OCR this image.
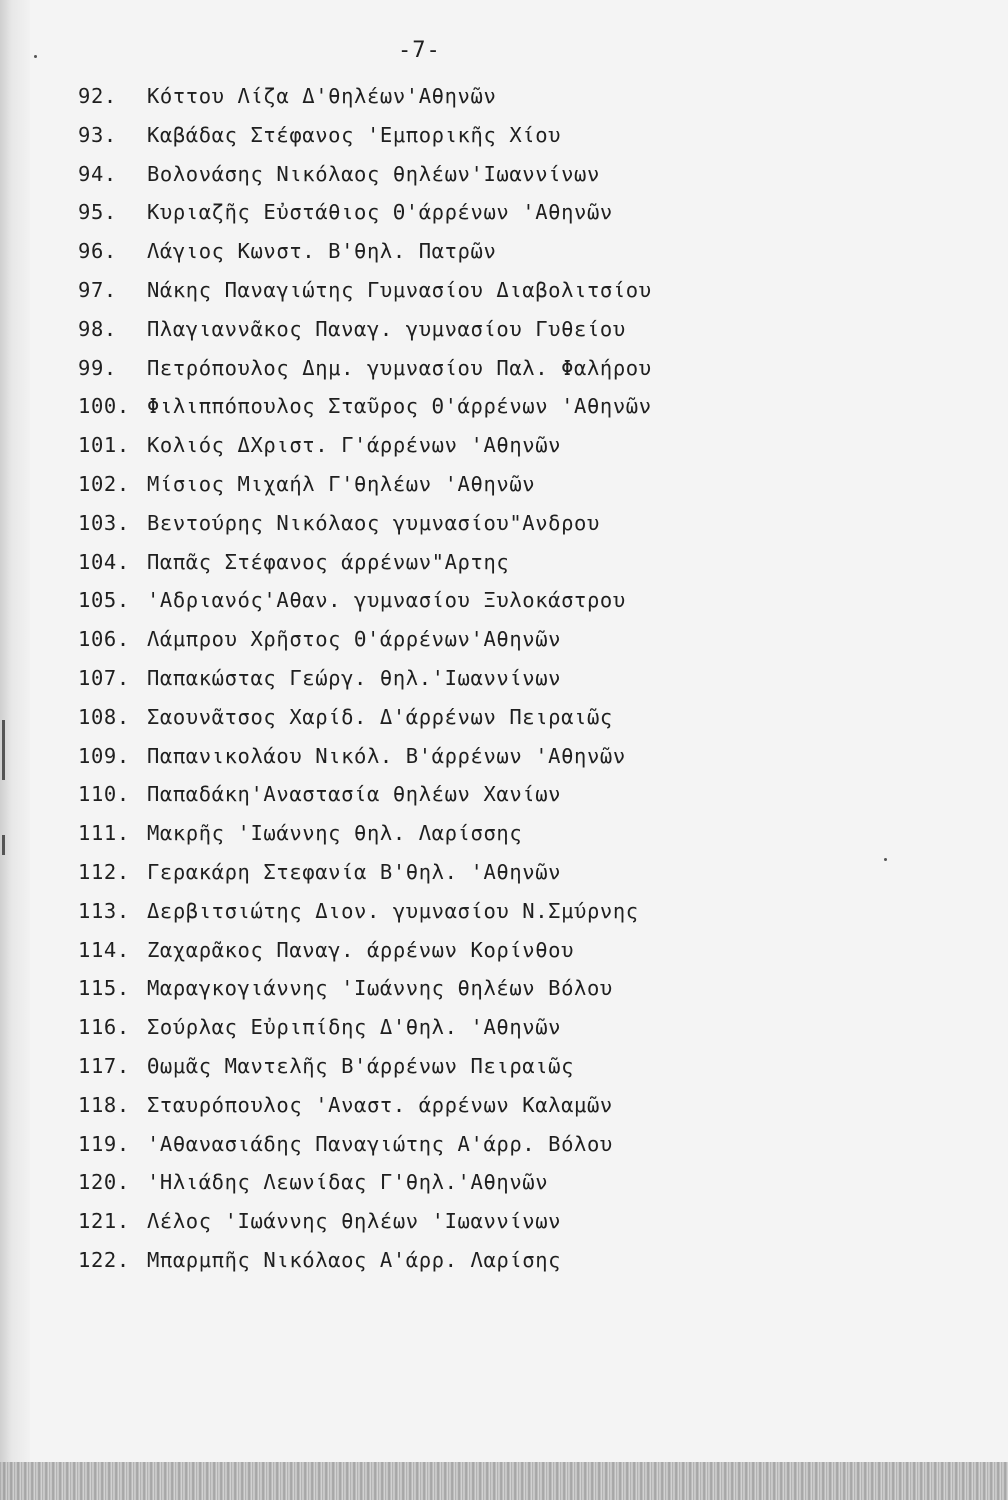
-7-
92. Κόττου Λίζα Δ'θηλέων'Αθηνῶν
93. Καβάδας Στέφανος 'Εμπορικῆς Χίου
94. Βολονάσης Νικόλαος θηλέων'Ιωαννίνων
95. Κυριαζῆς Εὐστάθιος Θ'άρρένων 'Αθηνῶν
96. Λάγιος Κωνστ. Β'θηλ. Πατρῶν
97. Νάκης Παναγιώτης Γυμνασίου Διαβολιτσίου
98. Πλαγιαννᾶκος Παναγ. γυμνασίου Γυθείου
99. Πετρόπουλος Δημ. γυμνασίου Παλ. Φαλήρου
100. Φιλιππόπουλος Σταῦρος Θ'άρρένων 'Αθηνῶν
101. Κολιός ΔΧριστ. Γ'άρρένων 'Αθηνῶν
102. Μίσιος Μιχαήλ Γ'θηλέων 'Αθηνῶν
103. Βεντούρης Νικόλαος γυμνασίου"Ανδρου
104. Παπᾶς Στέφανος άρρένων"Αρτης
105. 'Αδριανός'Αθαν. γυμνασίου Ξυλοκάστρου
106. Λάμπρου Χρῆστος Θ'άρρένων'Αθηνῶν
107. Παπακώστας Γεώργ. θηλ.'Ιωαννίνων
108. Σαουνᾶτσος Χαρίδ. Δ'άρρένων Πειραιῶς
109. Παπανικολάου Νικόλ. Β'άρρένων 'Αθηνῶν
110. Παπαδάκη'Αναστασία θηλέων Χανίων
111. Μακρῆς 'Ιωάννης θηλ. Λαρίσσης
112. Γερακάρη Στεφανία Β'θηλ. 'Αθηνῶν
113. Δερβιτσιώτης Διον. γυμνασίου Ν.Σμύρνης
114. Ζαχαρᾶκος Παναγ. άρρένων Κορίνθου
115. Μαραγκογιάννης 'Ιωάννης θηλέων Βόλου
116. Σούρλας Εὐριπίδης Δ'θηλ. 'Αθηνῶν
117. Θωμᾶς Μαντελῆς Β'άρρένων Πειραιῶς
118. Σταυρόπουλος 'Αναστ. άρρένων Καλαμῶν
119. 'Αθανασιάδης Παναγιώτης Α'άρρ. Βόλου
120. 'Ηλιάδης Λεωνίδας Γ'θηλ.'Αθηνῶν
121. Λέλος 'Ιωάννης θηλέων 'Ιωαννίνων
122. Μπαρμπῆς Νικόλαος Α'άρρ. Λαρίσης
